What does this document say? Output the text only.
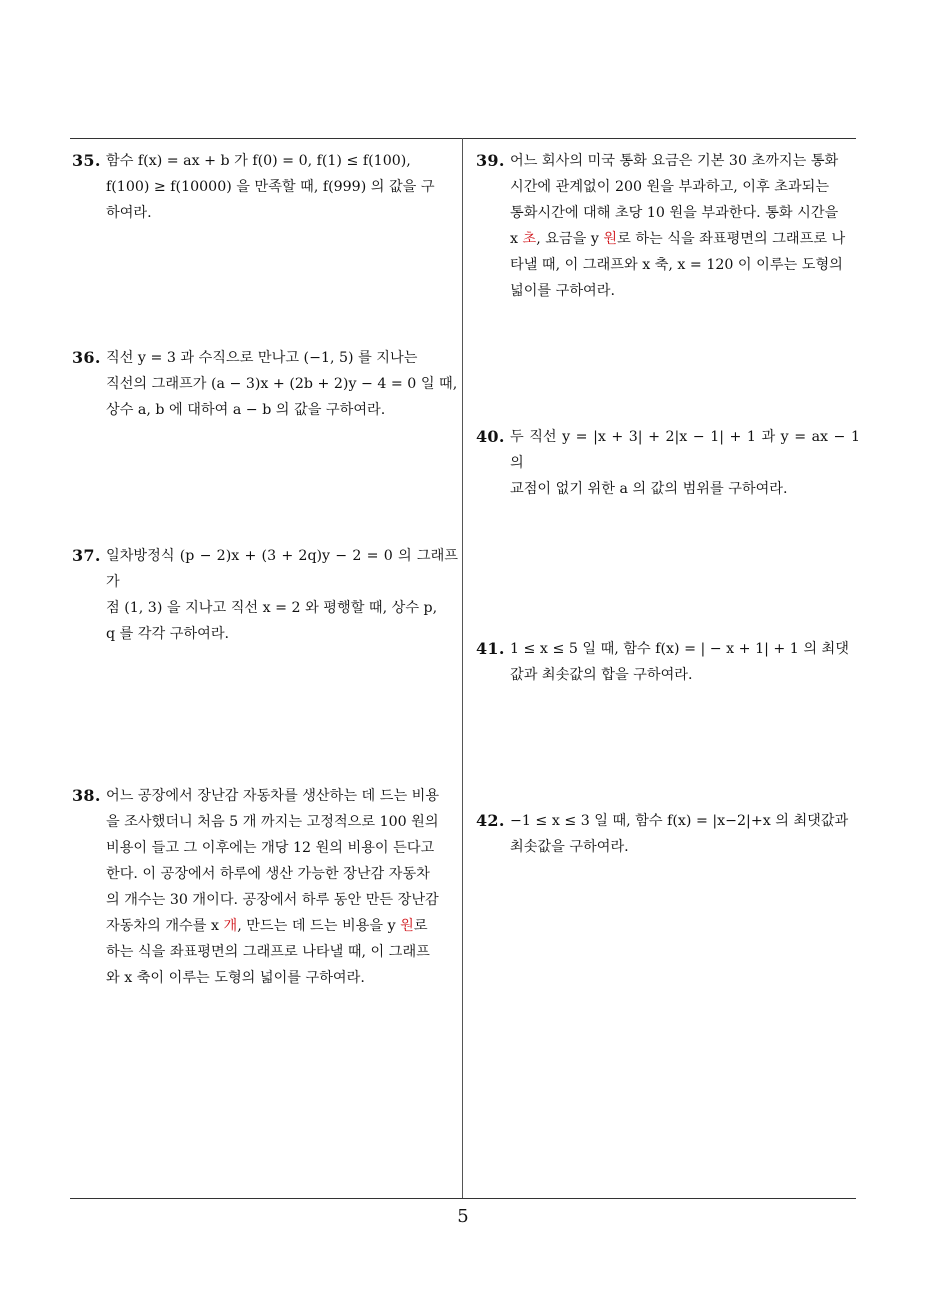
35. 함수 f(x) = ax + b 가 f(0) = 0, f(1) ≤ f(100),
f(100) ≥ f(10000) 을 만족할 때, f(999) 의 값을 구
하여라.
36. 직선 y = 3 과 수직으로 만나고 (−1, 5) 를 지나는
직선의 그래프가 (a − 3)x + (2b + 2)y − 4 = 0 일 때,
상수 a, b 에 대하여 a − b 의 값을 구하여라.
37. 일차방정식 (p − 2)x + (3 + 2q)y − 2 = 0 의 그래프가
점 (1, 3) 을 지나고 직선 x = 2 와 평행할 때, 상수 p,
q 를 각각 구하여라.
38. 어느 공장에서 장난감 자동차를 생산하는 데 드는 비용
을 조사했더니 처음 5 개 까지는 고정적으로 100 원의
비용이 들고 그 이후에는 개당 12 원의 비용이 든다고
한다. 이 공장에서 하루에 생산 가능한 장난감 자동차
의 개수는 30 개이다. 공장에서 하루 동안 만든 장난감
자동차의 개수를 x 개, 만드는 데 드는 비용을 y 원로
하는 식을 좌표평면의 그래프로 나타낼 때, 이 그래프
와 x 축이 이루는 도형의 넓이를 구하여라.
39. 어느 회사의 미국 통화 요금은 기본 30 초까지는 통화
시간에 관계없이 200 원을 부과하고, 이후 초과되는
통화시간에 대해 초당 10 원을 부과한다. 통화 시간을
x 초, 요금을 y 원로 하는 식을 좌표평면의 그래프로 나
타낼 때, 이 그래프와 x 축, x = 120 이 이루는 도형의
넓이를 구하여라.
40. 두 직선 y = |x + 3| + 2|x − 1| + 1 과 y = ax − 1 의
교점이 없기 위한 a 의 값의 범위를 구하여라.
41. 1 ≤ x ≤ 5 일 때, 함수 f(x) = | − x + 1| + 1 의 최댓
값과 최솟값의 합을 구하여라.
42. −1 ≤ x ≤ 3 일 때, 함수 f(x) = |x−2|+x 의 최댓값과
최솟값을 구하여라.
5
